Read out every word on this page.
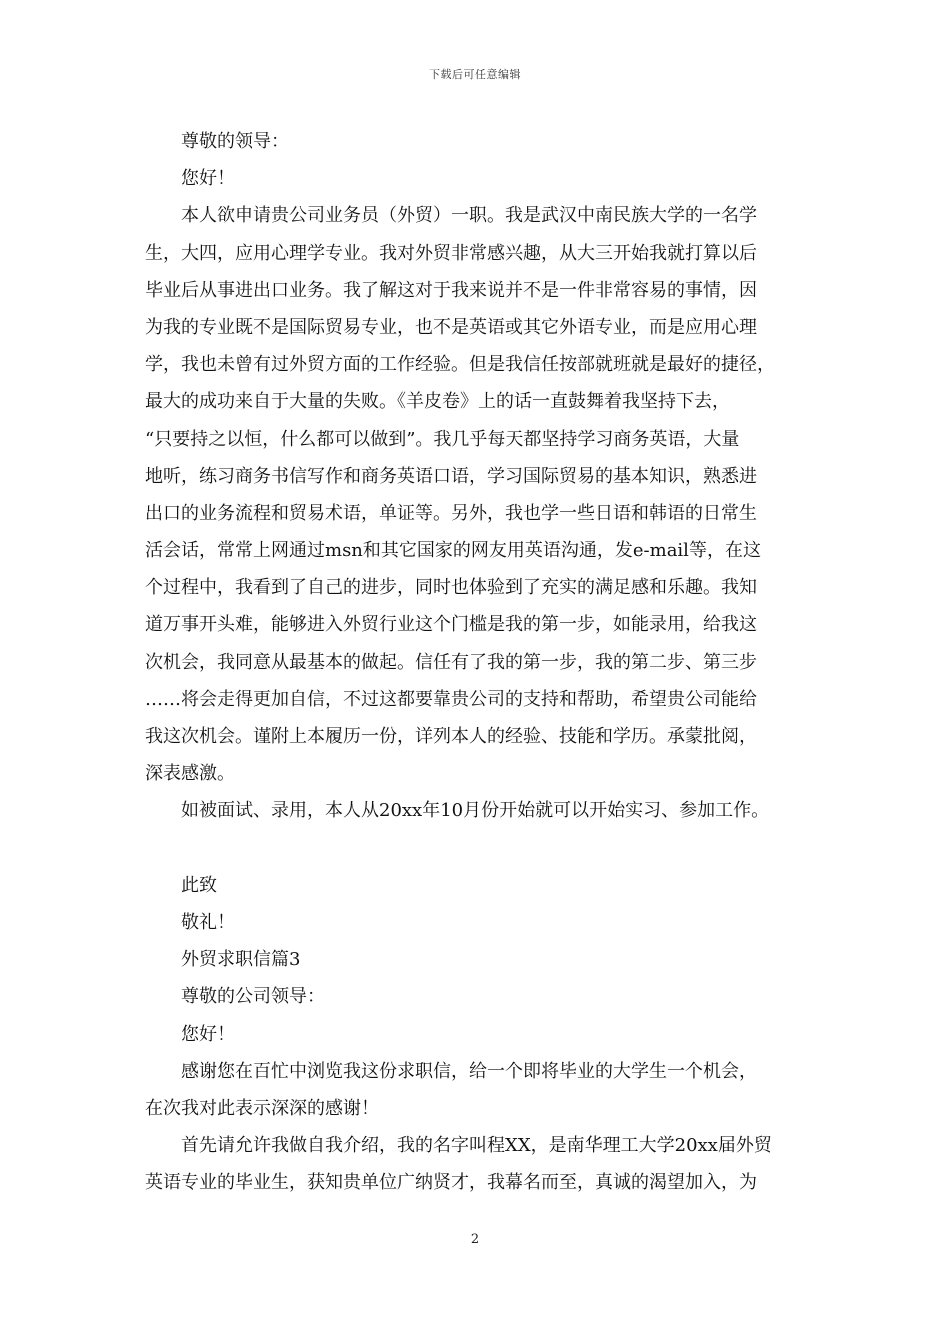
下载后可任意编辑
尊敬的领导：
您好！
本人欲申请贵公司业务员（外贸）一职。我是武汉中南民族大学的一名学
生，大四，应用心理学专业。我对外贸非常感兴趣，从大三开始我就打算以后
毕业后从事进出口业务。我了解这对于我来说并不是一件非常容易的事情，因
为我的专业既不是国际贸易专业，也不是英语或其它外语专业，而是应用心理
学，我也未曾有过外贸方面的工作经验。但是我信任按部就班就是最好的捷径，
最大的成功来自于大量的失败。《羊皮卷》上的话一直鼓舞着我坚持下去，
“只要持之以恒，什么都可以做到”。我几乎每天都坚持学习商务英语，大量
地听，练习商务书信写作和商务英语口语，学习国际贸易的基本知识，熟悉进
出口的业务流程和贸易术语，单证等。另外，我也学一些日语和韩语的日常生
活会话，常常上网通过msn和其它国家的网友用英语沟通，发e-mail等，在这
个过程中，我看到了自己的进步，同时也体验到了充实的满足感和乐趣。我知
道万事开头难，能够进入外贸行业这个门槛是我的第一步，如能录用，给我这
次机会，我同意从最基本的做起。信任有了我的第一步，我的第二步、第三步
……将会走得更加自信，不过这都要靠贵公司的支持和帮助，希望贵公司能给
我这次机会。谨附上本履历一份，详列本人的经验、技能和学历。承蒙批阅，
深表感激。
如被面试、录用，本人从20xx年10月份开始就可以开始实习、参加工作。
此致
敬礼！
外贸求职信篇3
尊敬的公司领导：
您好！
感谢您在百忙中浏览我这份求职信，给一个即将毕业的大学生一个机会，
在次我对此表示深深的感谢！
首先请允许我做自我介绍，我的名字叫程XX，是南华理工大学20xx届外贸
英语专业的毕业生，获知贵单位广纳贤才，我幕名而至，真诚的渴望加入，为
2
